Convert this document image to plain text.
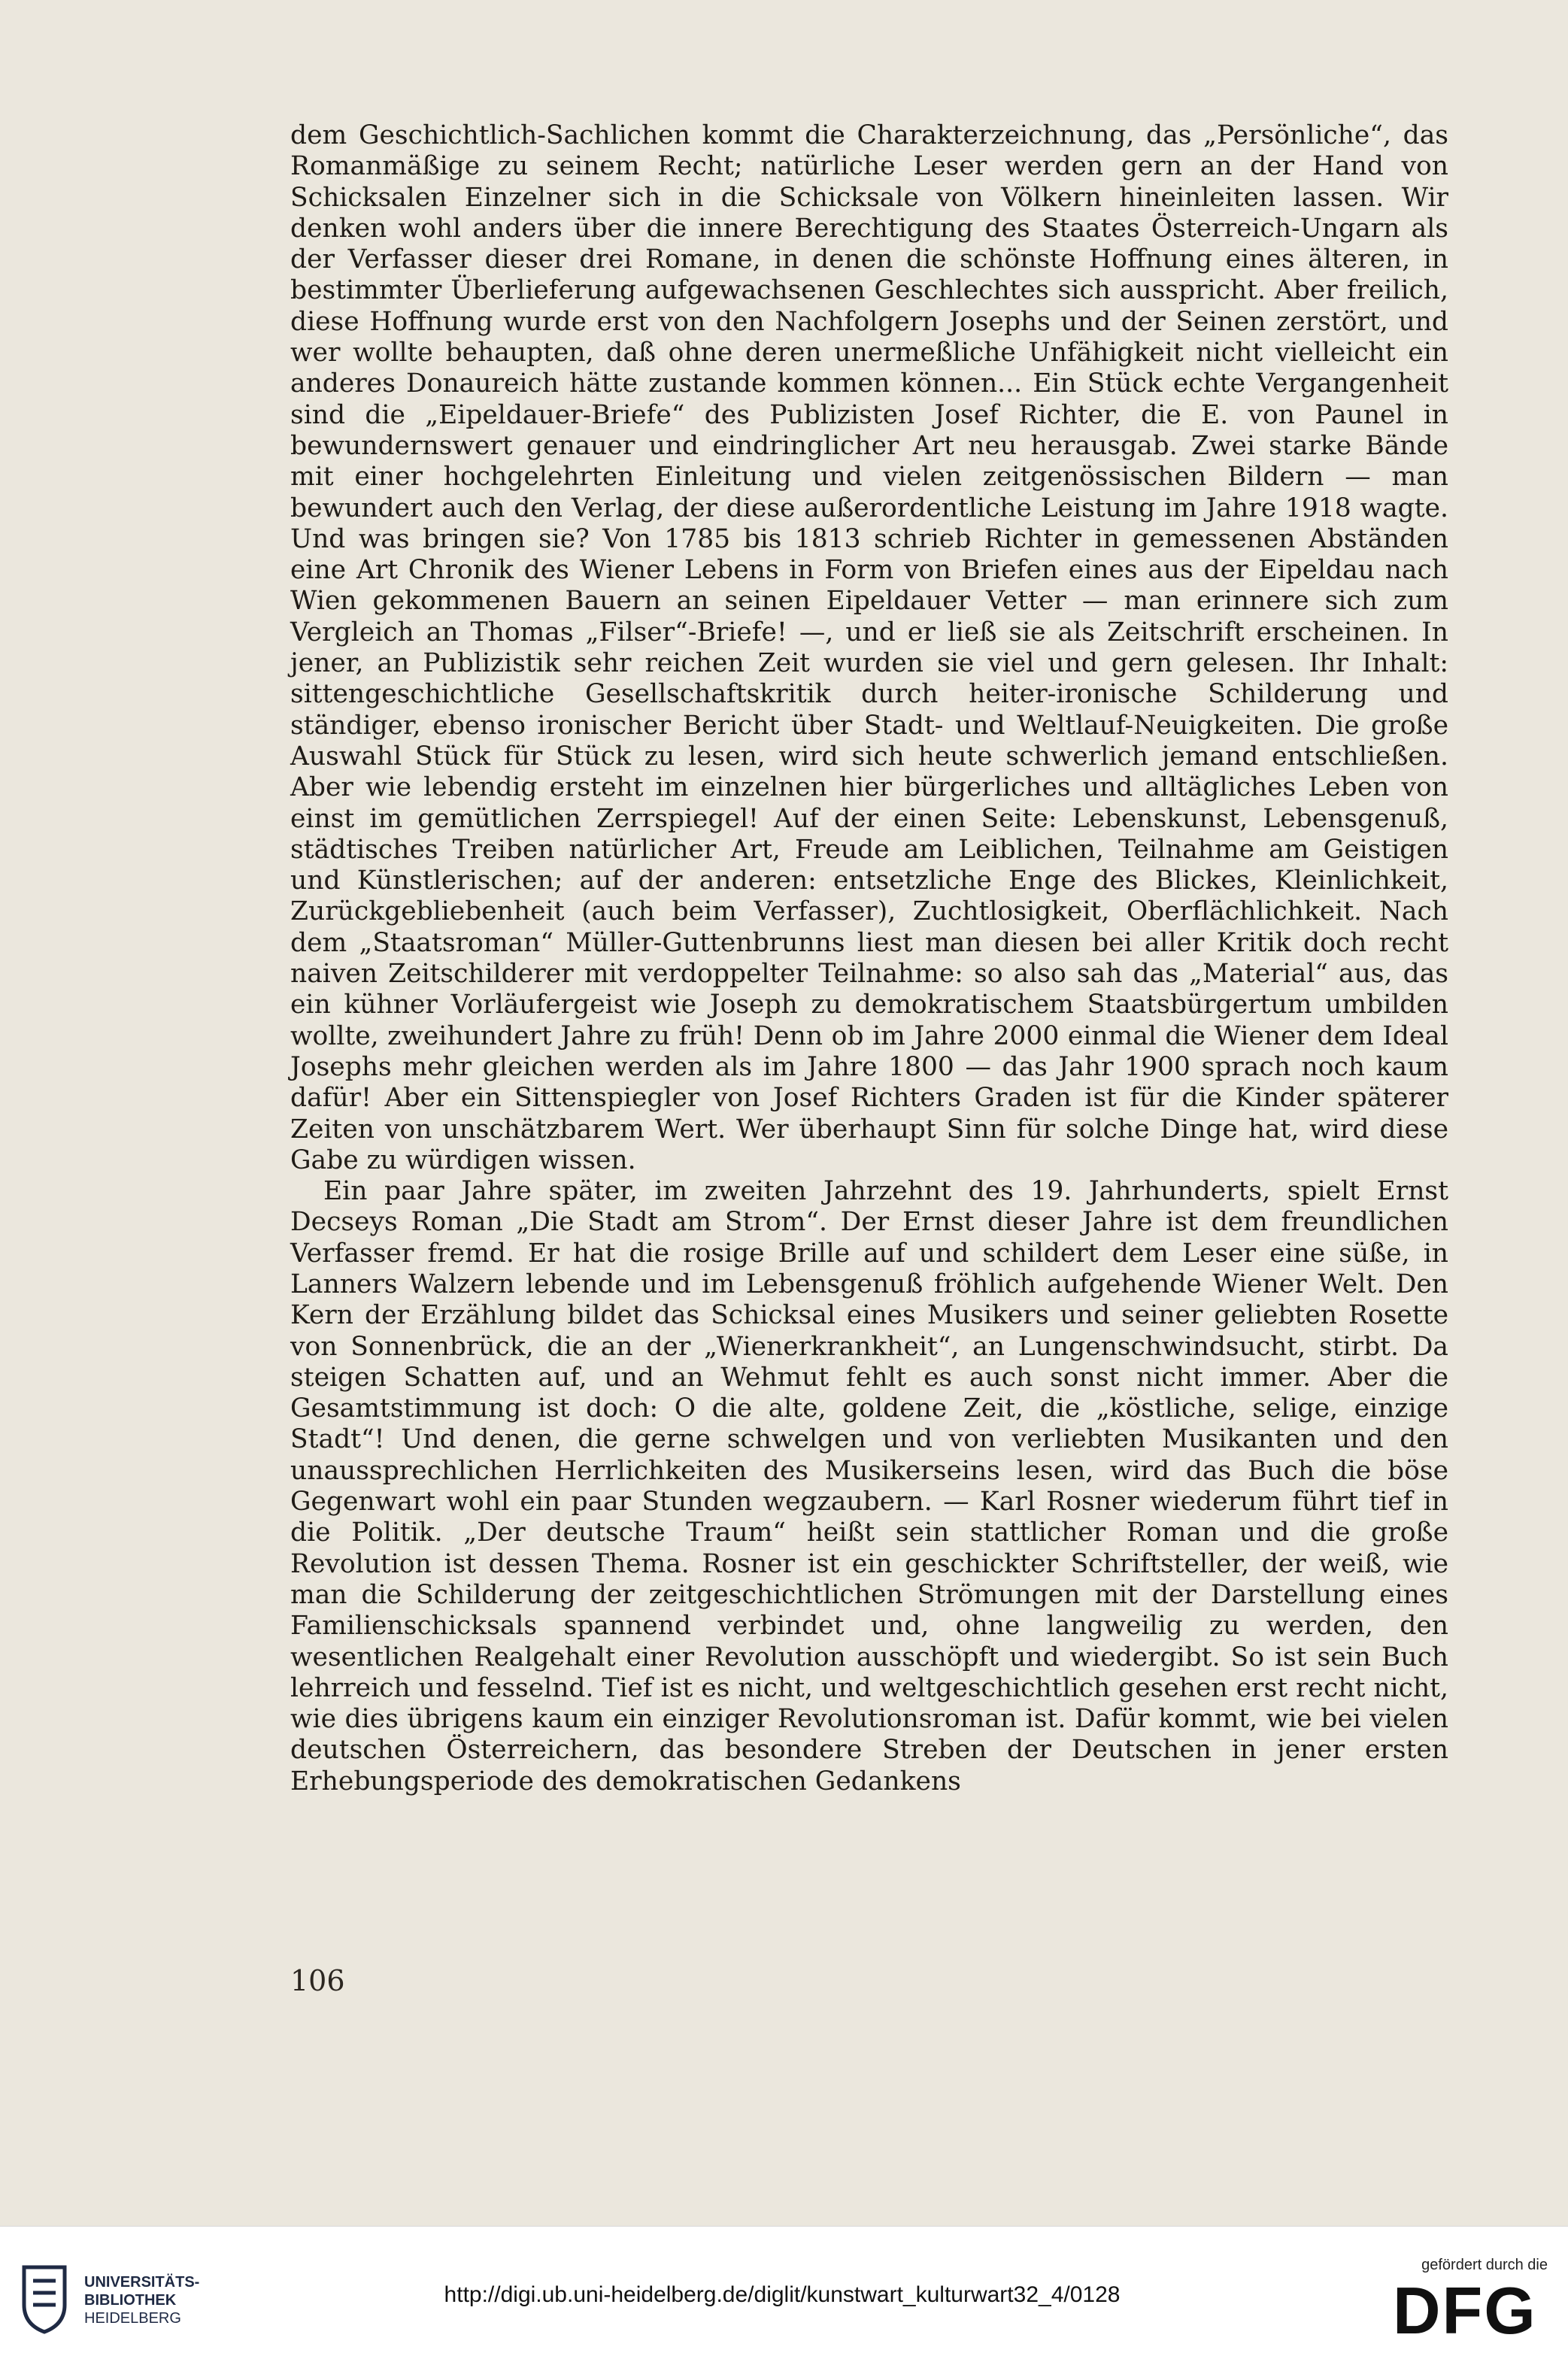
dem Geschichtlich-Sachlichen kommt die Charakterzeichnung, das „Persönliche“, das Romanmäßige zu seinem Recht; natürliche Leser werden gern an der Hand von Schicksalen Einzelner sich in die Schicksale von Völkern hineinleiten lassen. Wir denken wohl anders über die innere Berechtigung des Staates Österreich-Ungarn als der Verfasser dieser drei Romane, in denen die schönste Hoffnung eines älteren, in bestimmter Überlieferung aufgewachsenen Geschlechtes sich ausspricht. Aber freilich, diese Hoffnung wurde erst von den Nachfolgern Josephs und der Seinen zerstört, und wer wollte behaupten, daß ohne deren unermeßliche Unfähigkeit nicht vielleicht ein anderes Donaureich hätte zustande kommen können... Ein Stück echte Vergangenheit sind die „Eipeldauer-Briefe“ des Publizisten Josef Richter, die E. von Paunel in bewundernswert genauer und eindringlicher Art neu herausgab. Zwei starke Bände mit einer hochgelehrten Einleitung und vielen zeitgenössischen Bildern — man bewundert auch den Verlag, der diese außerordentliche Leistung im Jahre 1918 wagte. Und was bringen sie? Von 1785 bis 1813 schrieb Richter in gemessenen Abständen eine Art Chronik des Wiener Lebens in Form von Briefen eines aus der Eipeldau nach Wien gekommenen Bauern an seinen Eipeldauer Vetter — man erinnere sich zum Vergleich an Thomas „Filser“-Briefe! —, und er ließ sie als Zeitschrift erscheinen. In jener, an Publizistik sehr reichen Zeit wurden sie viel und gern gelesen. Ihr Inhalt: sittengeschichtliche Gesellschaftskritik durch heiter-ironische Schilderung und ständiger, ebenso ironischer Bericht über Stadt- und Weltlauf-Neuigkeiten. Die große Auswahl Stück für Stück zu lesen, wird sich heute schwerlich jemand entschließen. Aber wie lebendig ersteht im einzelnen hier bürgerliches und alltägliches Leben von einst im gemütlichen Zerrspiegel! Auf der einen Seite: Lebenskunst, Lebensgenuß, städtisches Treiben natürlicher Art, Freude am Leiblichen, Teilnahme am Geistigen und Künstlerischen; auf der anderen: entsetzliche Enge des Blickes, Kleinlichkeit, Zurückgebliebenheit (auch beim Verfasser), Zuchtlosigkeit, Oberflächlichkeit. Nach dem „Staatsroman“ Müller-Guttenbrunns liest man diesen bei aller Kritik doch recht naiven Zeitschilderer mit verdoppelter Teilnahme: so also sah das „Material“ aus, das ein kühner Vorläufergeist wie Joseph zu demokratischem Staatsbürgertum umbilden wollte, zweihundert Jahre zu früh! Denn ob im Jahre 2000 einmal die Wiener dem Ideal Josephs mehr gleichen werden als im Jahre 1800 — das Jahr 1900 sprach noch kaum dafür! Aber ein Sittenspiegler von Josef Richters Graden ist für die Kinder späterer Zeiten von unschätzbarem Wert. Wer überhaupt Sinn für solche Dinge hat, wird diese Gabe zu würdigen wissen.

Ein paar Jahre später, im zweiten Jahrzehnt des 19. Jahrhunderts, spielt Ernst Decseys Roman „Die Stadt am Strom“. Der Ernst dieser Jahre ist dem freundlichen Verfasser fremd. Er hat die rosige Brille auf und schildert dem Leser eine süße, in Lanners Walzern lebende und im Lebensgenuß fröhlich aufgehende Wiener Welt. Den Kern der Erzählung bildet das Schicksal eines Musikers und seiner geliebten Rosette von Sonnenbrück, die an der „Wienerkrankheit“, an Lungenschwindsucht, stirbt. Da steigen Schatten auf, und an Wehmut fehlt es auch sonst nicht immer. Aber die Gesamtstimmung ist doch: O die alte, goldene Zeit, die „köstliche, selige, einzige Stadt“! Und denen, die gerne schwelgen und von verliebten Musikanten und den unaussprechlichen Herrlichkeiten des Musikerseins lesen, wird das Buch die böse Gegenwart wohl ein paar Stunden wegzaubern. — Karl Rosner wiederum führt tief in die Politik. „Der deutsche Traum“ heißt sein stattlicher Roman und die große Revolution ist dessen Thema. Rosner ist ein geschickter Schriftsteller, der weiß, wie man die Schilderung der zeitgeschichtlichen Strömungen mit der Darstellung eines Familienschicksals spannend verbindet und, ohne langweilig zu werden, den wesentlichen Realgehalt einer Revolution ausschöpft und wiedergibt. So ist sein Buch lehrreich und fesselnd. Tief ist es nicht, und weltgeschichtlich gesehen erst recht nicht, wie dies übrigens kaum ein einziger Revolutionsroman ist. Dafür kommt, wie bei vielen deutschen Österreichern, das besondere Streben der Deutschen in jener ersten Erhebungsperiode des demokratischen Gedankens

106
UNIVERSITÄTS-
BIBLIOTHEK
HEIDELBERG
http://digi.ub.uni-heidelberg.de/diglit/kunstwart_kulturwart32_4/0128
gefördert durch die
DFG
